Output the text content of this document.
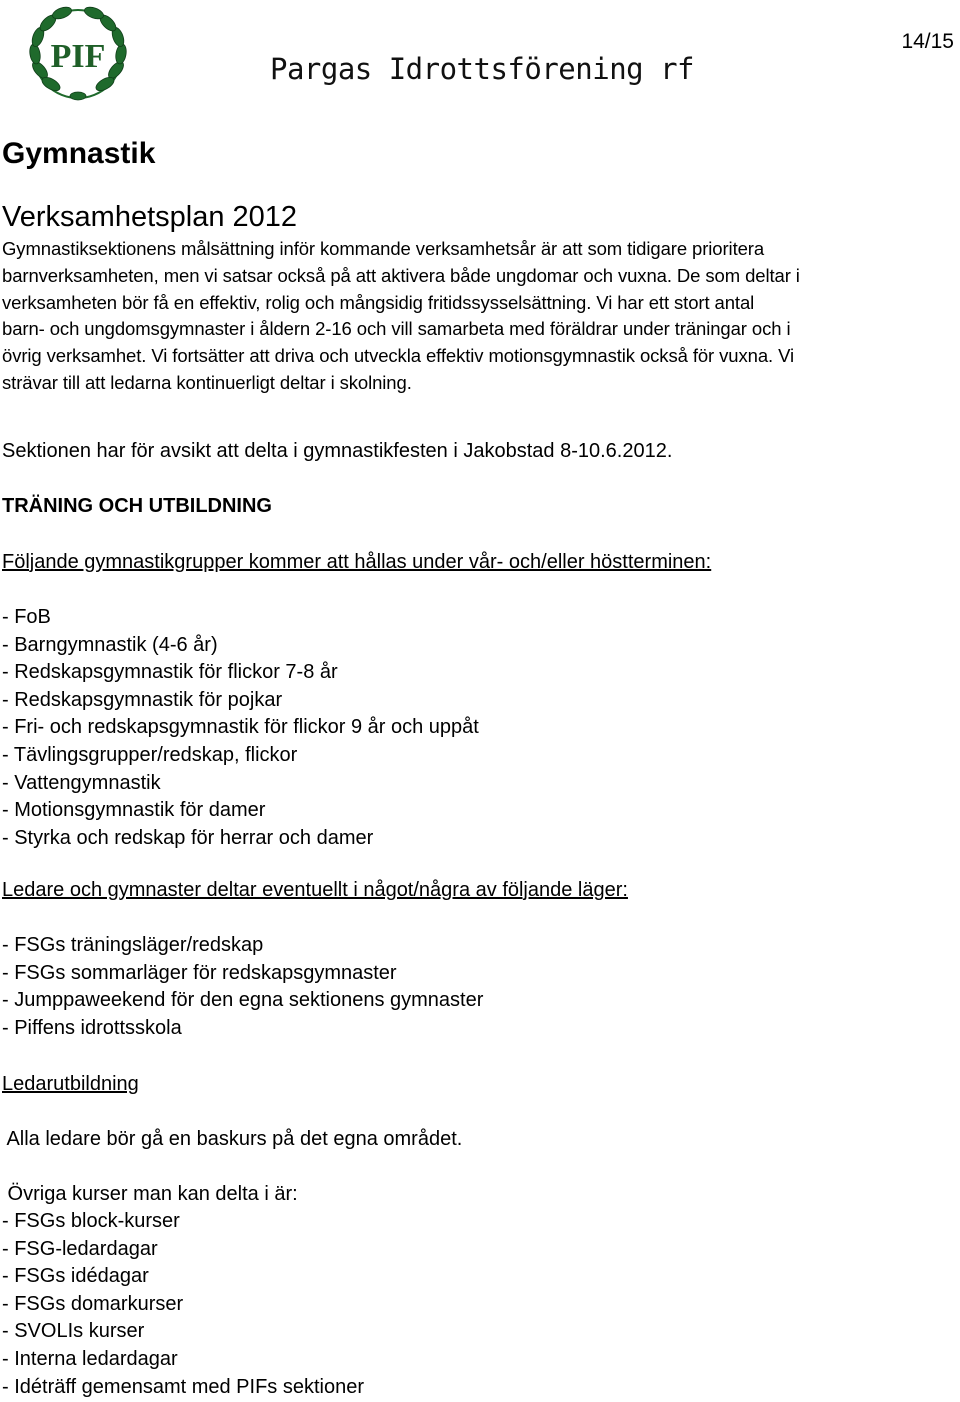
PIF	Pargas Idrottsförening rf
14/15
Gymnastik
Verksamhetsplan 2012

Gymnastiksektionens målsättning inför kommande verksamhetsår är att som tidigare prioritera
barnverksamheten, men vi satsar också på att aktivera både ungdomar och vuxna. De som deltar i
verksamheten bör få en effektiv, rolig och mångsidig fritidssysselsättning. Vi har ett stort antal
barn- och ungdomsgymnaster i åldern 2-16 och vill samarbeta med föräldrar under träningar och i
övrig verksamhet. Vi fortsätter att driva och utveckla effektiv motionsgymnastik också för vuxna. Vi
strävar till att ledarna kontinuerligt deltar i skolning.

Sektionen har för avsikt att delta i gymnastikfesten i Jakobstad 8-10.6.2012.

TRÄNING OCH UTBILDNING

Följande gymnastikgrupper kommer att hållas under vår- och/eller höstterminen:

- FoB
- Barngymnastik (4-6 år)
- Redskapsgymnastik för flickor 7-8 år
- Redskapsgymnastik för pojkar
- Fri- och redskapsgymnastik för flickor 9 år och uppåt
- Tävlingsgrupper/redskap, flickor
- Vattengymnastik
- Motionsgymnastik för damer
- Styrka och redskap för herrar och damer

Ledare och gymnaster deltar eventuellt i något/några av följande läger:

- FSGs träningsläger/redskap
- FSGs sommarläger för redskapsgymnaster
- Jumppaweekend för den egna sektionens gymnaster
- Piffens idrottsskola

Ledarutbildning

Alla ledare bör gå en baskurs på det egna området.

Övriga kurser man kan delta i är:

- FSGs block-kurser
- FSG-ledardagar
- FSGs idédagar
- FSGs domarkurser
- SVOLIs kurser
- Interna ledardagar
- Idéträff gemensamt med PIFs sektioner
